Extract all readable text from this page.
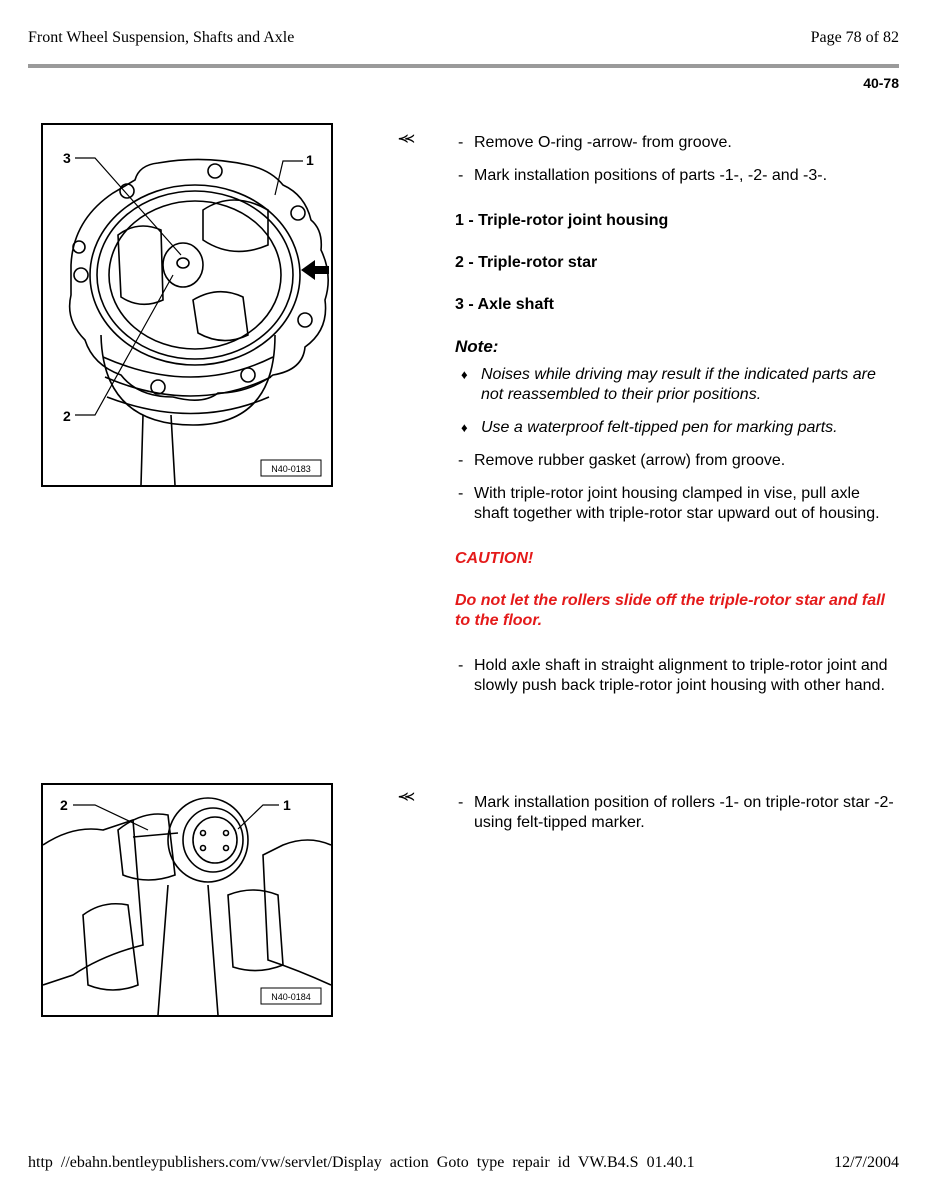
Front Wheel Suspension, Shafts and Axle	Page 78 of 82
40-78
3	1
2
N40-0183
⪻	- Remove O-ring -arrow- from groove.

- Mark installation positions of parts -1-, -2- and -3-.

1 - Triple-rotor joint housing

2 - Triple-rotor star

3 - Axle shaft

Note:

♦ Noises while driving may result if the indicated parts are not reassembled to their prior positions.

♦ Use a waterproof felt-tipped pen for marking parts.

- Remove rubber gasket (arrow) from groove.

- With triple-rotor joint housing clamped in vise, pull axle shaft together with triple-rotor star upward out of housing.

CAUTION!

Do not let the rollers slide off the triple-rotor star and fall to the floor.

- Hold axle shaft in straight alignment to triple-rotor joint and slowly push back triple-rotor joint housing with other hand.

2	1
N40-0184
⪻	- Mark installation position of rollers -1- on triple-rotor star -2- using felt-tipped marker.

http //ebahn.bentleypublishers.com/vw/servlet/Display action Goto type repair id VW.B4.S 01.40.1	12/7/2004
